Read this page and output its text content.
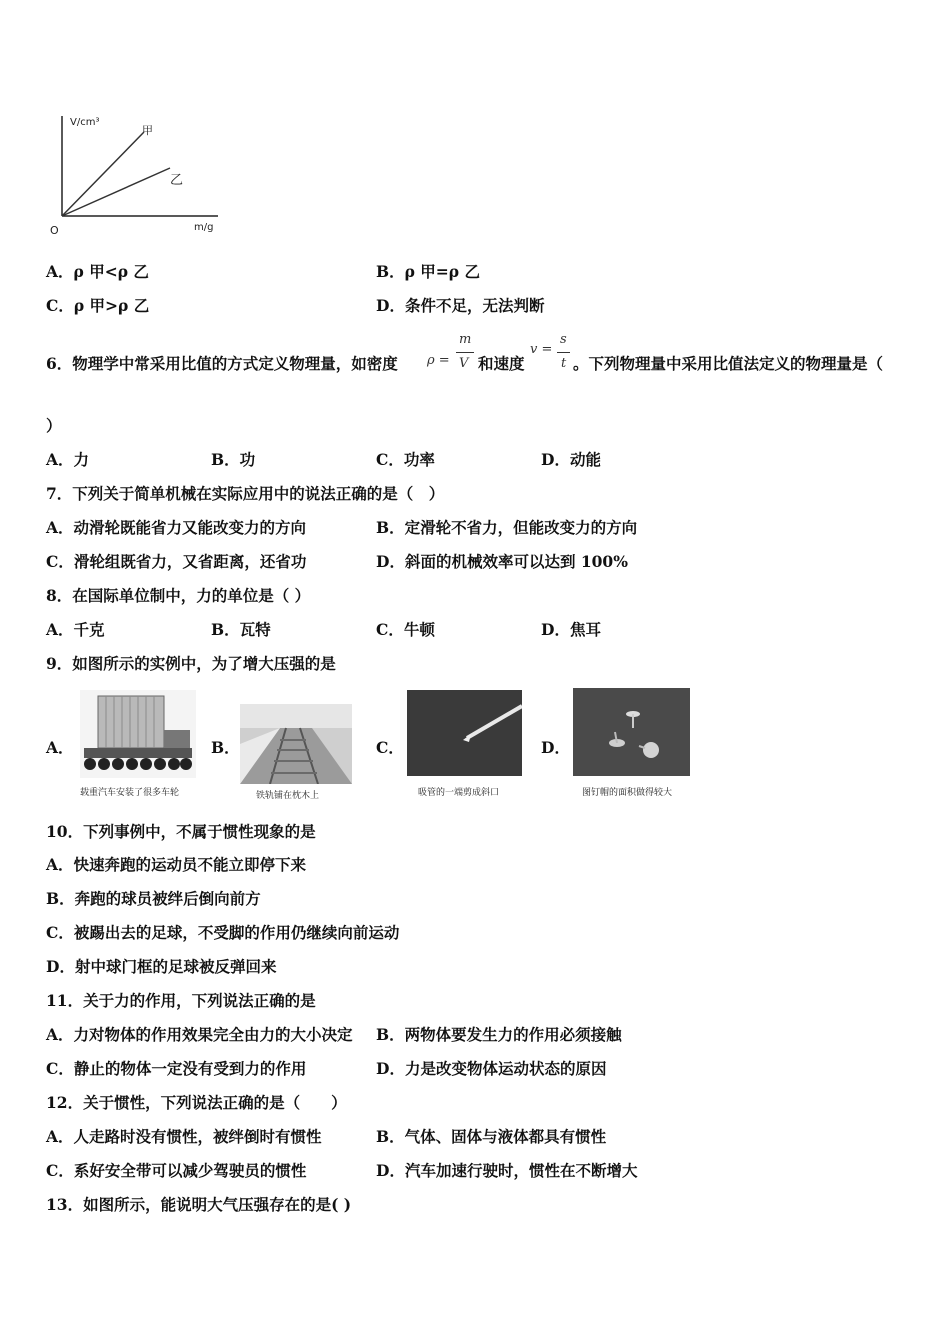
V/cm³
m/g
O
甲
乙
A．ρ 甲<ρ 乙	B．ρ 甲=ρ 乙
C．ρ 甲>ρ 乙	D．条件不足，无法判断
6．物理学中常采用比值的方式定义物理量，如密度 ρ =
m
V 和速度
v =
s
t 。下列物理量中采用比值法定义的物理量是（
）
A．力	B．功	C．功率	D．动能
7．下列关于简单机械在实际应用中的说法正确的是（　）
A．动滑轮既能省力又能改变力的方向	B．定滑轮不省力，但能改变力的方向
C．滑轮组既省力，又省距离，还省功	D．斜面的机械效率可以达到 100%
8．在国际单位制中，力的单位是（ ）
A．千克	B．瓦特	C．牛顿	D．焦耳
9．如图所示的实例中，为了增大压强的是
A．
载重汽车安装了很多车轮
B．
铁轨铺在枕木上
C．
吸管的一端剪成斜口
D．
图钉帽的面积做得较大
10．下列事例中，不属于惯性现象的是
A．快速奔跑的运动员不能立即停下来
B．奔跑的球员被绊后倒向前方
C．被踢出去的足球，不受脚的作用仍继续向前运动
D．射中球门框的足球被反弹回来
11．关于力的作用，下列说法正确的是
A．力对物体的作用效果完全由力的大小决定 B．两物体要发生力的作用必须接触
C．静止的物体一定没有受到力的作用	D．力是改变物体运动状态的原因
12．关于惯性，下列说法正确的是（　　）
A．人走路时没有惯性，被绊倒时有惯性	B．气体、固体与液体都具有惯性
C．系好安全带可以减少驾驶员的惯性	D．汽车加速行驶时，惯性在不断增大
13．如图所示，能说明大气压强存在的是( )
